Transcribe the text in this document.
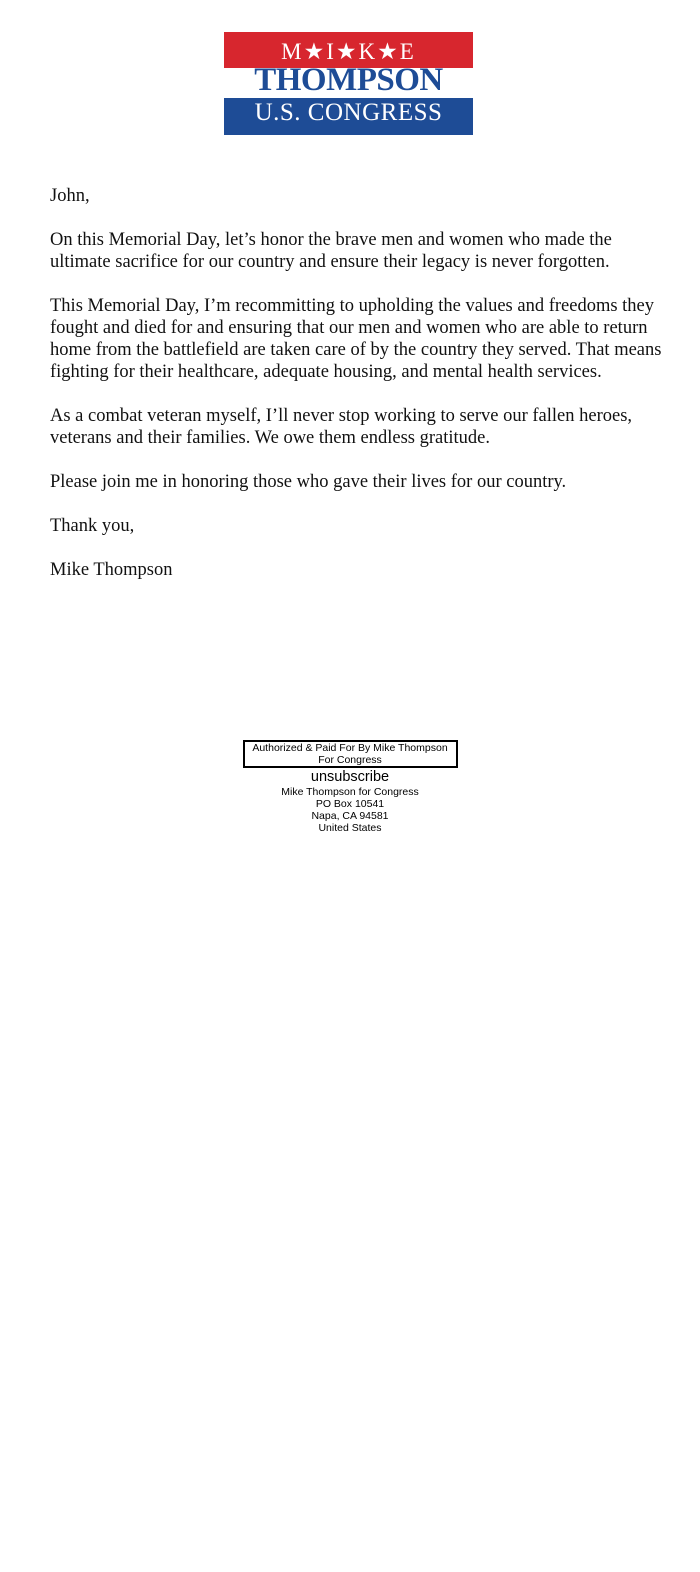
M★I★K★E
THOMPSON
U.S. CONGRESS

John,

On this Memorial Day, let’s honor the brave men and women who made the ultimate sacrifice for our country and ensure their legacy is never forgotten.

This Memorial Day, I’m recommitting to upholding the values and freedoms they fought and died for and ensuring that our men and women who are able to return home from the battlefield are taken care of by the country they served. That means fighting for their healthcare, adequate housing, and mental health services.

As a combat veteran myself, I’ll never stop working to serve our fallen heroes, veterans and their families. We owe them endless gratitude.

Please join me in honoring those who gave their lives for our country.

Thank you,

Mike Thompson

Authorized & Paid For By Mike Thompson For Congress
unsubscribe
Mike Thompson for Congress
PO Box 10541
Napa, CA 94581
United States
